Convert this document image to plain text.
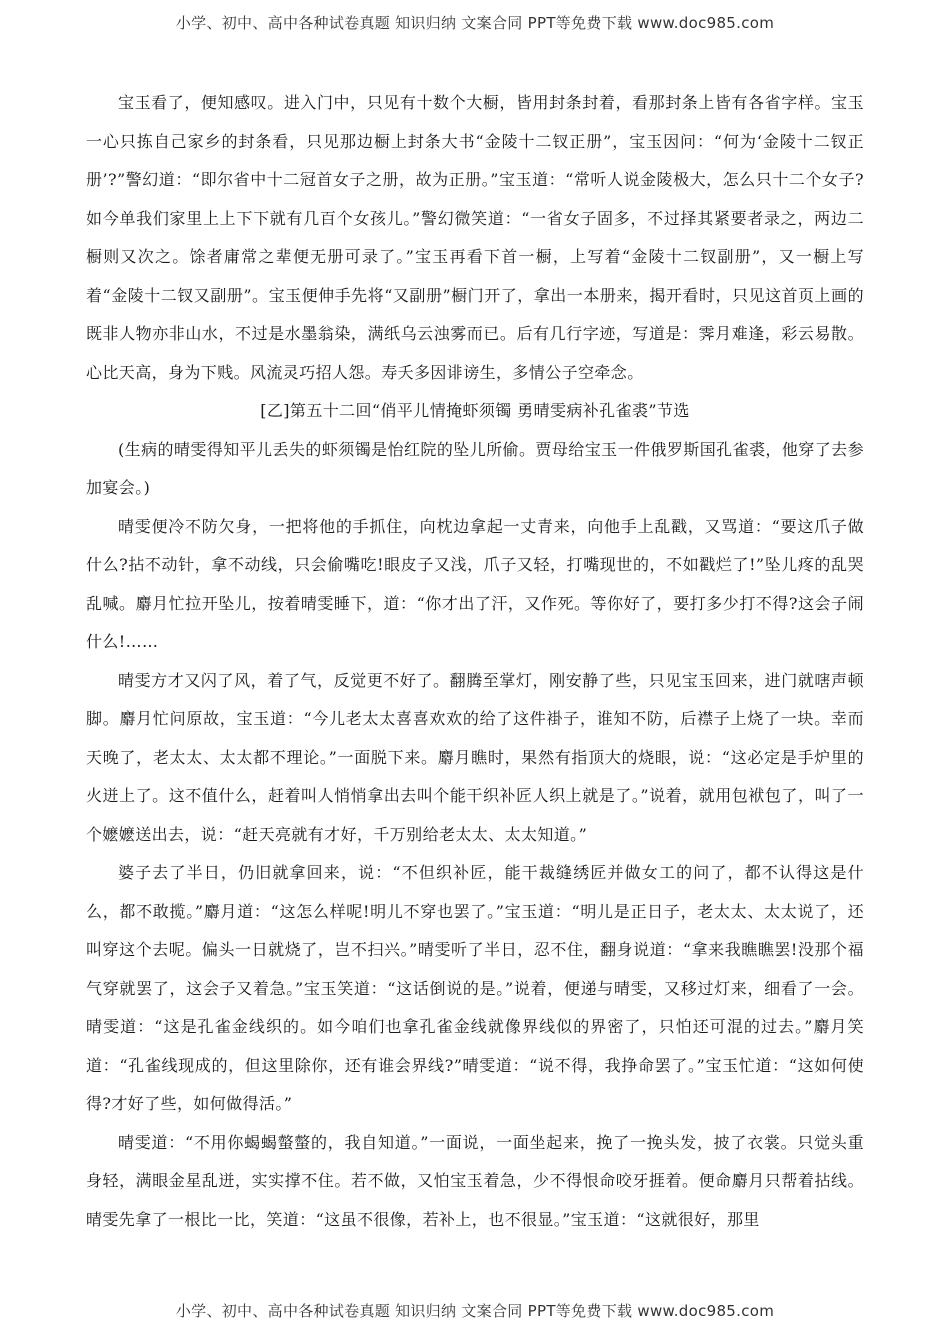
小学、初中、高中各种试卷真题 知识归纳 文案合同 PPT等免费下载 www.doc985.com

宝玉看了，便知感叹。进入门中，只见有十数个大橱，皆用封条封着，看那封条上皆有各省字样。宝玉一心只拣自己家乡的封条看，只见那边橱上封条大书“金陵十二钗正册”，宝玉因问：“何为‘金陵十二钗正册’?”警幻道：“即尔省中十二冠首女子之册，故为正册。”宝玉道：“常听人说金陵极大，怎么只十二个女子?如今单我们家里上上下下就有几百个女孩儿。”警幻微笑道：“一省女子固多，不过择其紧要者录之，两边二橱则又次之。馀者庸常之辈便无册可录了。”宝玉再看下首一橱，上写着“金陵十二钗副册”，又一橱上写着“金陵十二钗又副册”。宝玉便伸手先将“又副册”橱门开了，拿出一本册来，揭开看时，只见这首页上画的既非人物亦非山水，不过是水墨翁染，满纸乌云浊雾而已。后有几行字迹，写道是：霁月难逢，彩云易散。心比天高，身为下贱。风流灵巧招人怨。寿夭多因诽谤生，多情公子空牵念。

[乙]第五十二回“俏平儿情掩虾须镯 勇晴雯病补孔雀裘”节选

(生病的晴雯得知平儿丢失的虾须镯是怡红院的坠儿所偷。贾母给宝玉一件俄罗斯国孔雀裘，他穿了去参加宴会。)

晴雯便冷不防欠身，一把将他的手抓住，向枕边拿起一丈青来，向他手上乱戳，又骂道：“要这爪子做什么?拈不动针，拿不动线，只会偷嘴吃!眼皮子又浅，爪子又轻，打嘴现世的，不如戳烂了!”坠儿疼的乱哭乱喊。麝月忙拉开坠儿，按着晴雯睡下，道：“你才出了汗，又作死。等你好了，要打多少打不得?这会子闹什么!……

晴雯方才又闪了风，着了气，反觉更不好了。翻腾至掌灯，刚安静了些，只见宝玉回来，进门就嗐声顿脚。麝月忙问原故，宝玉道：“今儿老太太喜喜欢欢的给了这件褂子，谁知不防，后襟子上烧了一块。幸而天晚了，老太太、太太都不理论。”一面脱下来。麝月瞧时，果然有指顶大的烧眼，说：“这必定是手炉里的火迸上了。这不值什么，赶着叫人悄悄拿出去叫个能干织补匠人织上就是了。”说着，就用包袱包了，叫了一个嬷嬷送出去，说：“赶天亮就有才好，千万别给老太太、太太知道。”

婆子去了半日，仍旧就拿回来，说：“不但织补匠，能干裁缝绣匠并做女工的问了，都不认得这是什么，都不敢揽。”麝月道：“这怎么样呢!明儿不穿也罢了。”宝玉道：“明儿是正日子，老太太、太太说了，还叫穿这个去呢。偏头一日就烧了，岂不扫兴。”晴雯听了半日，忍不住，翻身说道：“拿来我瞧瞧罢!没那个福气穿就罢了，这会子又着急。”宝玉笑道：“这话倒说的是。”说着，便递与晴雯，又移过灯来，细看了一会。晴雯道：“这是孔雀金线织的。如今咱们也拿孔雀金线就像界线似的界密了，只怕还可混的过去。”麝月笑道：“孔雀线现成的，但这里除你，还有谁会界线?”晴雯道：“说不得，我挣命罢了。”宝玉忙道：“这如何使得?才好了些，如何做得活。”

晴雯道：“不用你蝎蝎螫螫的，我自知道。”一面说，一面坐起来，挽了一挽头发，披了衣裳。只觉头重身轻，满眼金星乱迸，实实撑不住。若不做，又怕宝玉着急，少不得恨命咬牙捱着。便命麝月只帮着拈线。晴雯先拿了一根比一比，笑道：“这虽不很像，若补上，也不很显。”宝玉道：“这就很好，那里

小学、初中、高中各种试卷真题 知识归纳 文案合同 PPT等免费下载 www.doc985.com
